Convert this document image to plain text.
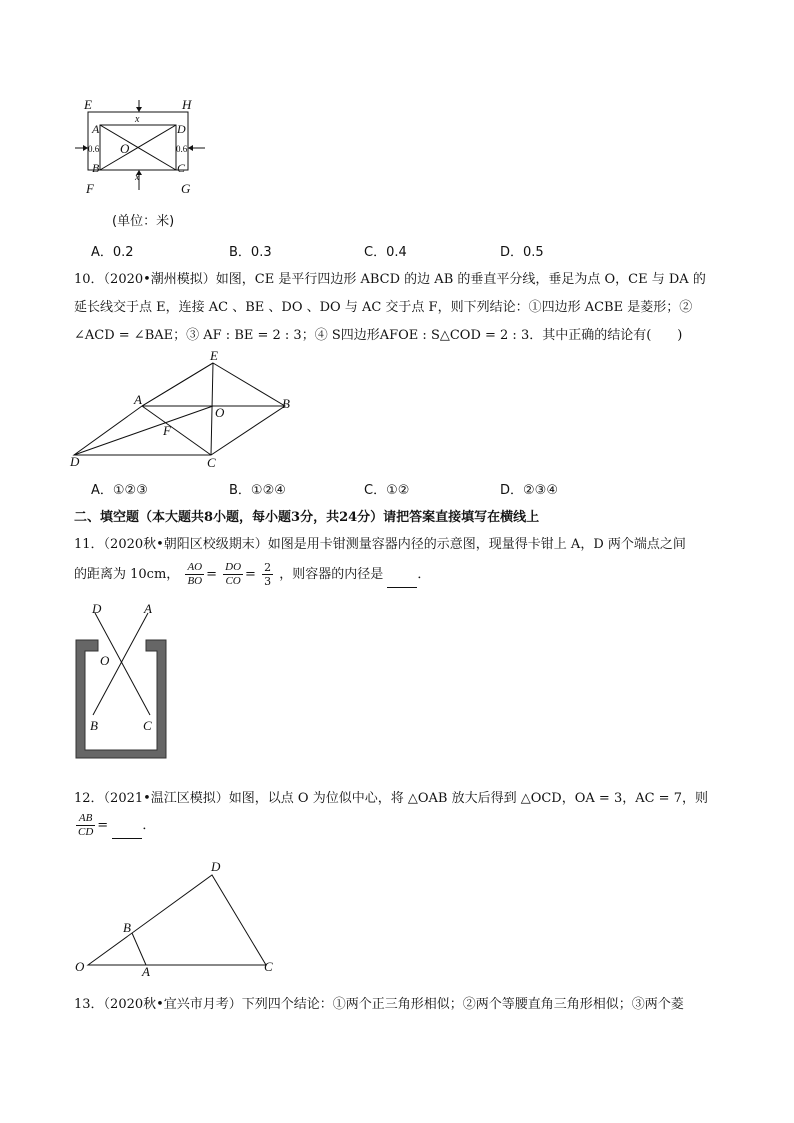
E	H
A	D
O
B	C
F	G
x
x
0.6	0.6
(单位：米)
A．0.2	B．0.3	C．0.4	D．0.5
10．（2020•潮州模拟）如图，CE 是平行四边形 ABCD 的边 AB 的垂直平分线，垂足为点 O，CE 与 DA 的
延长线交于点 E，连接 AC 、BE 、DO 、DO 与 AC 交于点 F，则下列结论：①四边形 ACBE 是菱形；②
∠ACD = ∠BAE；③ AF : BE = 2 : 3；④ S四边形AFOE : S△COD = 2 : 3．其中正确的结论有(　　)
E
A
O
B
F
D	C
A．①②③	B．①②④	C．①②	D．②③④
二、填空题（本大题共8小题，每小题3分，共24分）请把答案直接填写在横线上
11．（2020秋•朝阳区校级期末）如图是用卡钳测量容器内径的示意图，现量得卡钳上 A，D 两个端点之间
的距离为 10cm， $\frac{AO}{BO} = \frac{DO}{CO} = \frac{2}{3}$ ，则容器的内径是	．
D	A
O
B	C
12．（2021•温江区模拟）如图，以点 O 为位似中心，将 △OAB 放大后得到 △OCD，OA = 3，AC = 7，则
$\frac{AB}{CD}$ = ．
D
B
O	A	C
13．（2020秋•宜兴市月考）下列四个结论：①两个正三角形相似；②两个等腰直角三角形相似；③两个菱
